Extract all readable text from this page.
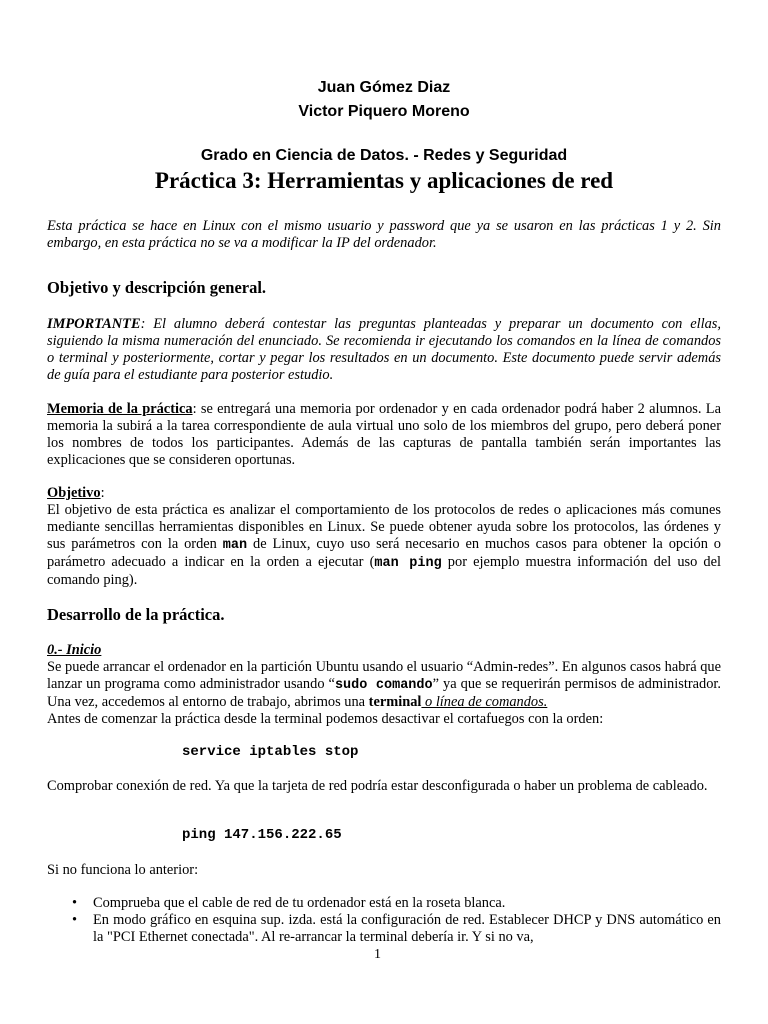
Juan Gómez Diaz
Victor Piquero Moreno
Grado en Ciencia de Datos. - Redes y Seguridad
Práctica 3: Herramientas y aplicaciones de red
Esta práctica se hace en Linux con el mismo usuario y password que ya se usaron en las prácticas 1 y 2. Sin embargo, en esta práctica no se va a modificar la IP del ordenador.
Objetivo y descripción general.
IMPORTANTE: El alumno deberá contestar las preguntas planteadas y preparar un documento con ellas, siguiendo la misma numeración del enunciado. Se recomienda ir ejecutando los comandos en la línea de comandos o terminal y posteriormente, cortar y pegar los resultados en un documento. Este documento puede servir además de guía para el estudiante para posterior estudio.
Memoria de la práctica: se entregará una memoria por ordenador y en cada ordenador podrá haber 2 alumnos. La memoria la subirá a la tarea correspondiente de aula virtual uno solo de los miembros del grupo, pero deberá poner los nombres de todos los participantes. Además de las capturas de pantalla también serán importantes las explicaciones que se consideren oportunas.
Objetivo:
El objetivo de esta práctica es analizar el comportamiento de los protocolos de redes o aplicaciones más comunes mediante sencillas herramientas disponibles en Linux. Se puede obtener ayuda sobre los protocolos, las órdenes y sus parámetros con la orden man de Linux, cuyo uso será necesario en muchos casos para obtener la opción o parámetro adecuado a indicar en la orden a ejecutar (man ping por ejemplo muestra información del uso del comando ping).
Desarrollo de la práctica.
0.- Inicio
Se puede arrancar el ordenador en la partición Ubuntu usando el usuario “Admin-redes”. En algunos casos habrá que lanzar un programa como administrador usando “sudo comando” ya que se requerirán permisos de administrador. Una vez, accedemos al entorno de trabajo, abrimos una terminal o línea de comandos.
Antes de comenzar la práctica desde la terminal podemos desactivar el cortafuegos con la orden:
service iptables stop
Comprobar conexión de red. Ya que la tarjeta de red podría estar desconfigurada o haber un problema de cableado.
ping 147.156.222.65
Si no funciona lo anterior:
• Comprueba que el cable de red de tu ordenador está en la roseta blanca.
• En modo gráfico en esquina sup. izda. está la configuración de red. Establecer DHCP y DNS automático en la "PCI Ethernet conectada". Al re-arrancar la terminal debería ir. Y si no va,
1
